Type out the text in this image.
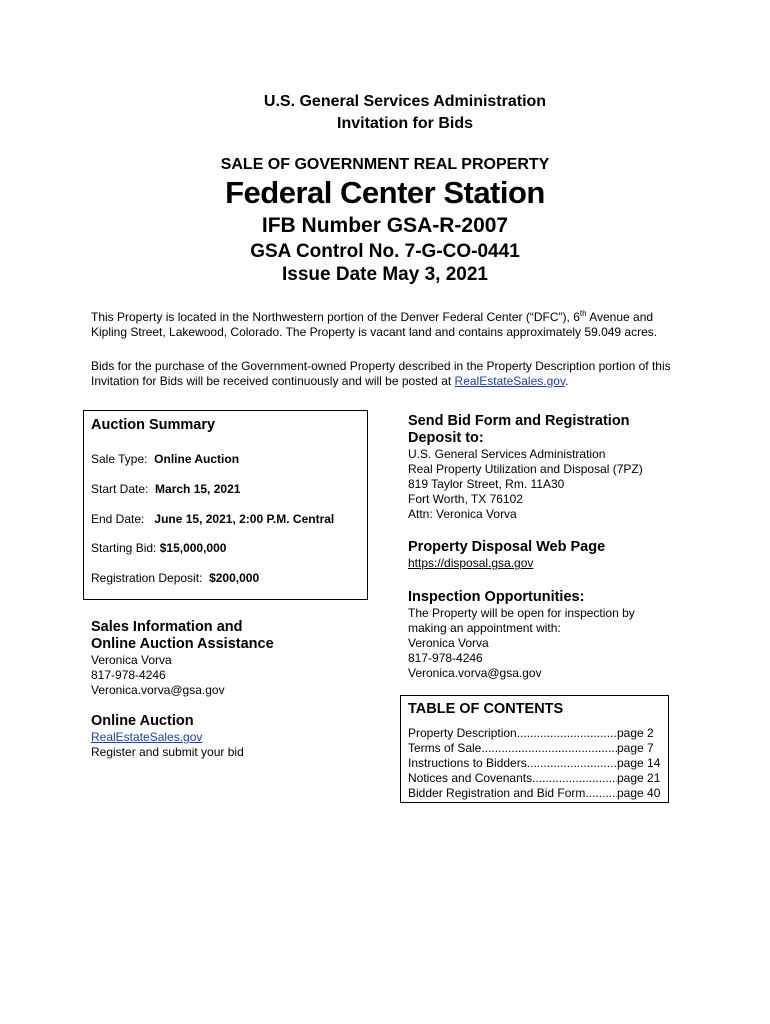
U.S. General Services Administration
Invitation for Bids
SALE OF GOVERNMENT REAL PROPERTY
Federal Center Station
IFB Number GSA-R-2007
GSA Control No. 7-G-CO-0441
Issue Date May 3, 2021
This Property is located in the Northwestern portion of the Denver Federal Center (“DFC”), 6th Avenue and Kipling Street, Lakewood, Colorado. The Property is vacant land and contains approximately 59.049 acres.
Bids for the purchase of the Government-owned Property described in the Property Description portion of this Invitation for Bids will be received continuously and will be posted at RealEstateSales.gov.
Auction Summary
Sale Type: Online Auction
Start Date: March 15, 2021
End Date: June 15, 2021, 2:00 P.M. Central
Starting Bid: $15,000,000
Registration Deposit: $200,000
Sales Information and
Online Auction Assistance
Veronica Vorva
817-978-4246
Veronica.vorva@gsa.gov
Online Auction
RealEstateSales.gov
Register and submit your bid
Send Bid Form and Registration
Deposit to:
U.S. General Services Administration
Real Property Utilization and Disposal (7PZ)
819 Taylor Street, Rm. 11A30
Fort Worth, TX 76102
Attn: Veronica Vorva
Property Disposal Web Page
https://disposal.gsa.gov
Inspection Opportunities:
The Property will be open for inspection by
making an appointment with:
Veronica Vorva
817-978-4246
Veronica.vorva@gsa.gov
TABLE OF CONTENTS
Property Description .....	page 2
Terms of Sale .....	page 7
Instructions to Bidders .....	page 14
Notices and Covenants .....	page 21
Bidder Registration and Bid Form .....	page 40
